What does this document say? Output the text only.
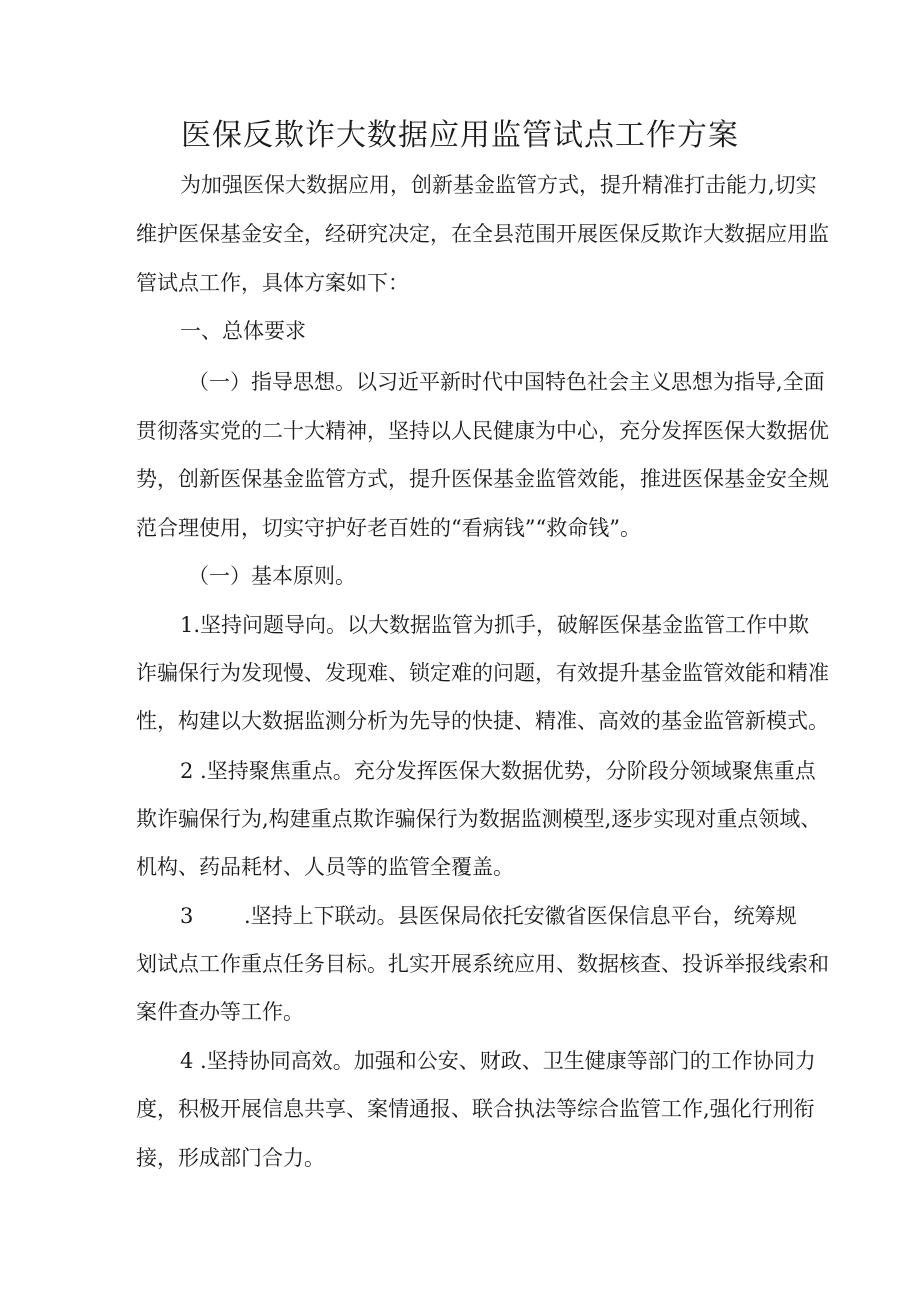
医保反欺诈大数据应用监管试点工作方案
为加强医保大数据应用，创新基金监管方式，提升精准打击能力,切实
维护医保基金安全，经研究决定，在全县范围开展医保反欺诈大数据应用监
管试点工作，具体方案如下：
一、总体要求
（一）指导思想。以习近平新时代中国特色社会主义思想为指导,全面
贯彻落实党的二十大精神，坚持以人民健康为中心，充分发挥医保大数据优
势，创新医保基金监管方式，提升医保基金监管效能，推进医保基金安全规
范合理使用，切实守护好老百姓的“看病钱”“救命钱”。
（一）基本原则。
1.坚持问题导向。以大数据监管为抓手，破解医保基金监管工作中欺
诈骗保行为发现慢、发现难、锁定难的问题，有效提升基金监管效能和精准
性，构建以大数据监测分析为先导的快捷、精准、高效的基金监管新模式。
2 .坚持聚焦重点。充分发挥医保大数据优势，分阶段分领域聚焦重点
欺诈骗保行为,构建重点欺诈骗保行为数据监测模型,逐步实现对重点领域、
机构、药品耗材、人员等的监管全覆盖。
3 .坚持上下联动。县医保局依托安徽省医保信息平台，统筹规
划试点工作重点任务目标。扎实开展系统应用、数据核查、投诉举报线索和
案件查办等工作。
4 .坚持协同高效。加强和公安、财政、卫生健康等部门的工作协同力
度，积极开展信息共享、案情通报、联合执法等综合监管工作,强化行刑衔
接，形成部门合力。
